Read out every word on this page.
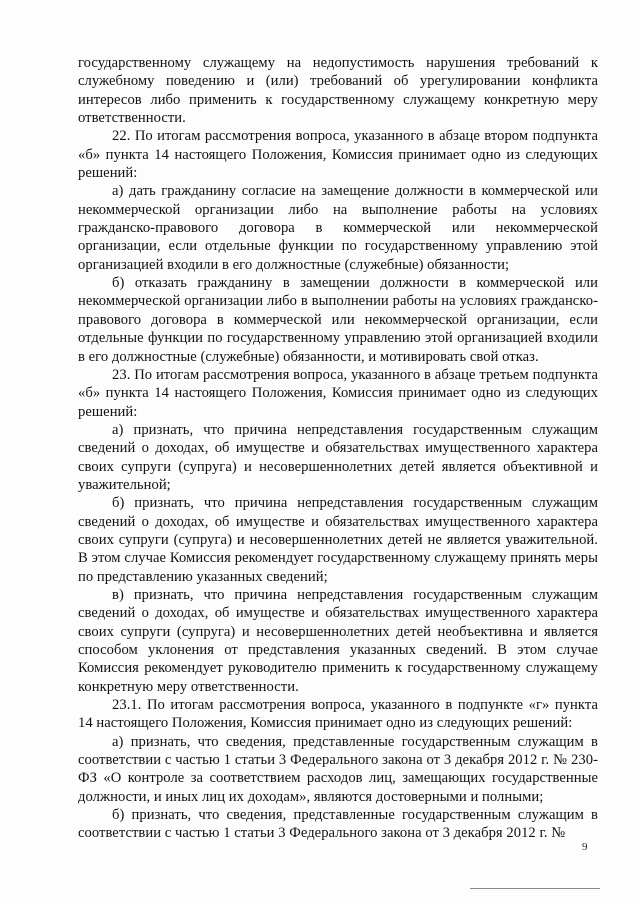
государственному служащему на недопустимость нарушения требований к служебному поведению и (или) требований об урегулировании конфликта интересов либо применить к государственному служащему конкретную меру ответственности.

22. По итогам рассмотрения вопроса, указанного в абзаце втором подпункта «б» пункта 14 настоящего Положения, Комиссия принимает одно из следующих решений:

а) дать гражданину согласие на замещение должности в коммерческой или некоммерческой организации либо на выполнение работы на условиях гражданско-правового договора в коммерческой или некоммерческой организации, если отдельные функции по государственному управлению этой организацией входили в его должностные (служебные) обязанности;

б) отказать гражданину в замещении должности в коммерческой или некоммерческой организации либо в выполнении работы на условиях гражданско-правового договора в коммерческой или некоммерческой организации, если отдельные функции по государственному управлению этой организацией входили в его должностные (служебные) обязанности, и мотивировать свой отказ.

23. По итогам рассмотрения вопроса, указанного в абзаце третьем подпункта «б» пункта 14 настоящего Положения, Комиссия принимает одно из следующих решений:

а) признать, что причина непредставления государственным служащим сведений о доходах, об имуществе и обязательствах имущественного характера своих супруги (супруга) и несовершеннолетних детей является объективной и уважительной;

б) признать, что причина непредставления государственным служащим сведений о доходах, об имуществе и обязательствах имущественного характера своих супруги (супруга) и несовершеннолетних детей не является уважительной. В этом случае Комиссия рекомендует государственному служащему принять меры по представлению указанных сведений;

в) признать, что причина непредставления государственным служащим сведений о доходах, об имуществе и обязательствах имущественного характера своих супруги (супруга) и несовершеннолетних детей необъективна и является способом уклонения от представления указанных сведений. В этом случае Комиссия рекомендует руководителю применить к государственному служащему конкретную меру ответственности.

23.1. По итогам рассмотрения вопроса, указанного в подпункте «г» пункта 14 настоящего Положения, Комиссия принимает одно из следующих решений:

а) признать, что сведения, представленные государственным служащим в соответствии с частью 1 статьи 3 Федерального закона от 3 декабря 2012 г. № 230-ФЗ «О контроле за соответствием расходов лиц, замещающих государственные должности, и иных лиц их доходам», являются достоверными и полными;

б) признать, что сведения, представленные государственным служащим в соответствии с частью 1 статьи 3 Федерального закона от 3 декабря 2012 г. №

9
